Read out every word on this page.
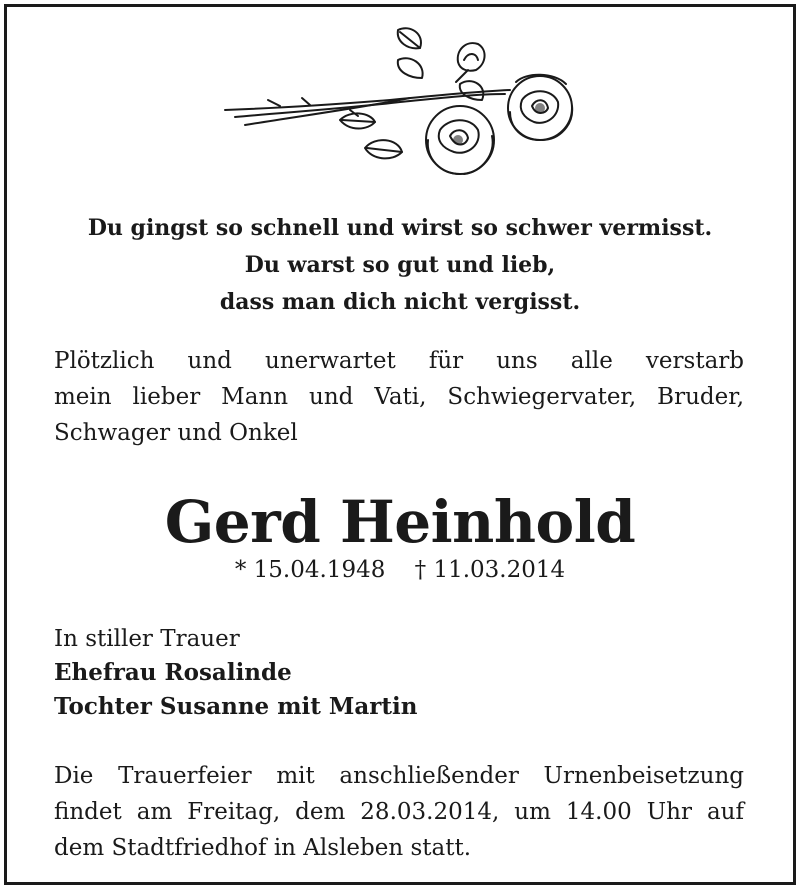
Du gingst so schnell und wirst so schwer vermisst.
Du warst so gut und lieb,
dass man dich nicht vergisst.
Plötzlich und unerwartet für uns alle verstarb
mein lieber Mann und Vati, Schwiegervater, Bruder,
Schwager und Onkel
Gerd Heinhold
* 15.04.1948 † 11.03.2014
In stiller Trauer
Ehefrau Rosalinde
Tochter Susanne mit Martin
Die Trauerfeier mit anschließender Urnenbeisetzung
findet am Freitag, dem 28.03.2014, um 14.00 Uhr auf
dem Stadtfriedhof in Alsleben statt.
